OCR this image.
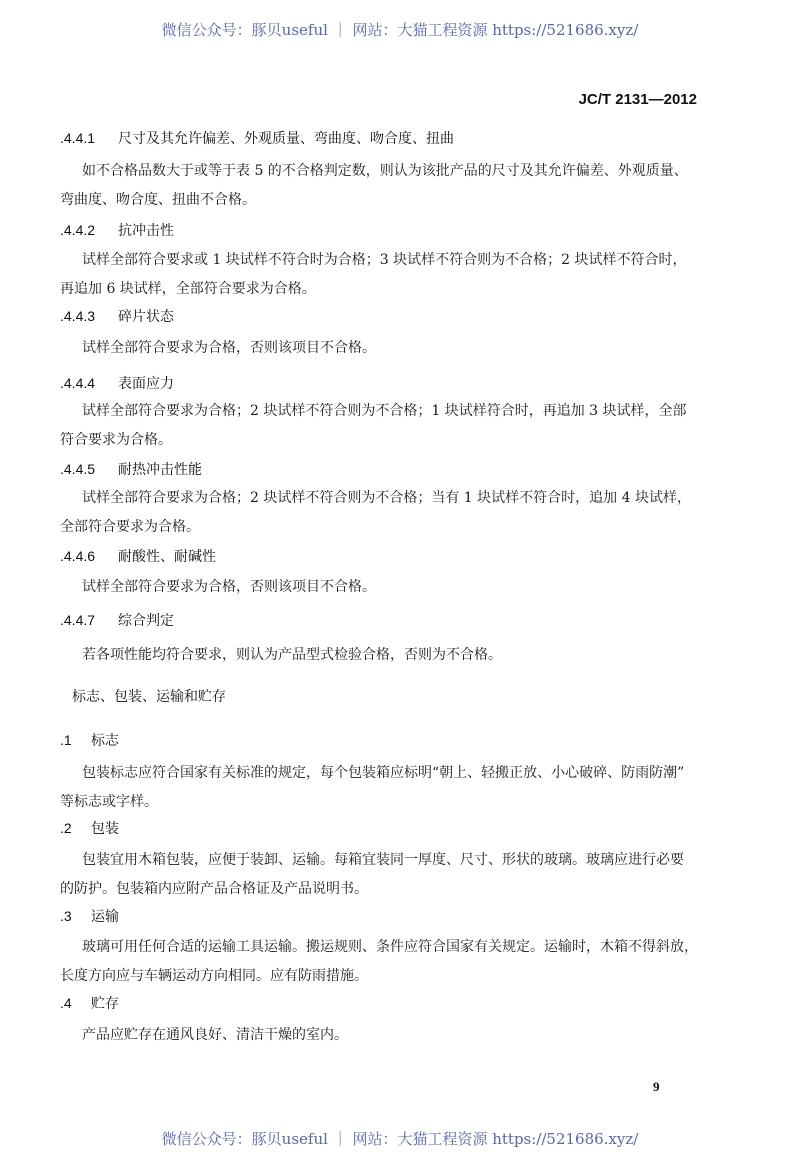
微信公众号：豚贝useful ｜ 网站：大猫工程资源 https://521686.xyz/
JC/T 2131—2012
.4.4.1 尺寸及其允许偏差、外观质量、弯曲度、吻合度、扭曲
如不合格品数大于或等于表 5 的不合格判定数，则认为该批产品的尺寸及其允许偏差、外观质量、
弯曲度、吻合度、扭曲不合格。
.4.4.2 抗冲击性
试样全部符合要求或 1 块试样不符合时为合格；3 块试样不符合则为不合格；2 块试样不符合时，
再追加 6 块试样，全部符合要求为合格。
.4.4.3 碎片状态
试样全部符合要求为合格，否则该项目不合格。
.4.4.4 表面应力
试样全部符合要求为合格；2 块试样不符合则为不合格；1 块试样符合时，再追加 3 块试样，全部
符合要求为合格。
.4.4.5 耐热冲击性能
试样全部符合要求为合格；2 块试样不符合则为不合格；当有 1 块试样不符合时，追加 4 块试样，
全部符合要求为合格。
.4.4.6 耐酸性、耐碱性
试样全部符合要求为合格，否则该项目不合格。
.4.4.7 综合判定
若各项性能均符合要求，则认为产品型式检验合格，否则为不合格。
标志、包装、运输和贮存
.1 标志
包装标志应符合国家有关标准的规定，每个包装箱应标明“朝上、轻搬正放、小心破碎、防雨防潮”
等标志或字样。
.2 包装
包装宜用木箱包装，应便于装卸、运输。每箱宜装同一厚度、尺寸、形状的玻璃。玻璃应进行必要
的防护。包装箱内应附产品合格证及产品说明书。
.3 运输
玻璃可用任何合适的运输工具运输。搬运规则、条件应符合国家有关规定。运输时，木箱不得斜放，
长度方向应与车辆运动方向相同。应有防雨措施。
.4 贮存
产品应贮存在通风良好、清洁干燥的室内。
9
微信公众号：豚贝useful ｜ 网站：大猫工程资源 https://521686.xyz/
